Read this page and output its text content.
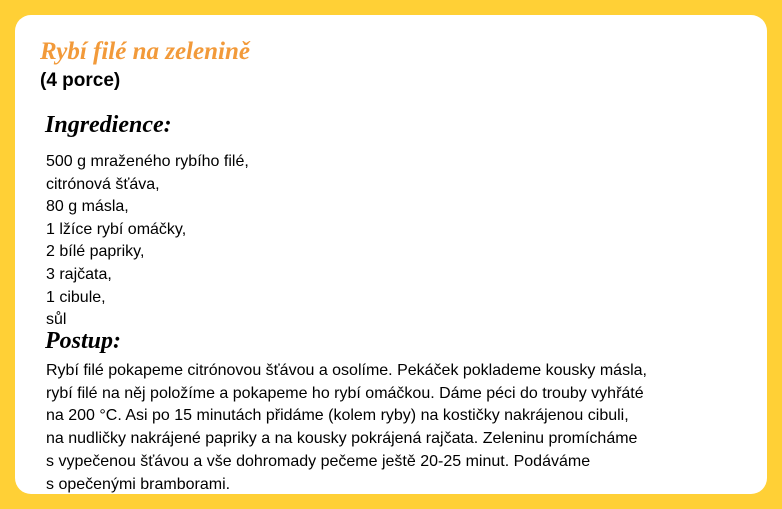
Rybí filé na zelenině
(4 porce)
Ingredience:
500 g mraženého rybího filé,
citrónová šťáva,
80 g másla,
1 lžíce rybí omáčky,
2 bílé papriky,
3 rajčata,
1 cibule,
sůl
Postup:

Rybí filé pokapeme citrónovou šťávou a osolíme. Pekáček poklademe kousky másla,
rybí filé na něj položíme a pokapeme ho rybí omáčkou. Dáme péci do trouby vyhřáté
na 200 °C. Asi po 15 minutách přidáme (kolem ryby) na kostičky nakrájenou cibuli,
na nudličky nakrájené papriky a na kousky pokrájená rajčata. Zeleninu promícháme
s vypečenou šťávou a vše dohromady pečeme ještě 20-25 minut. Podáváme
s opečenými bramborami.
